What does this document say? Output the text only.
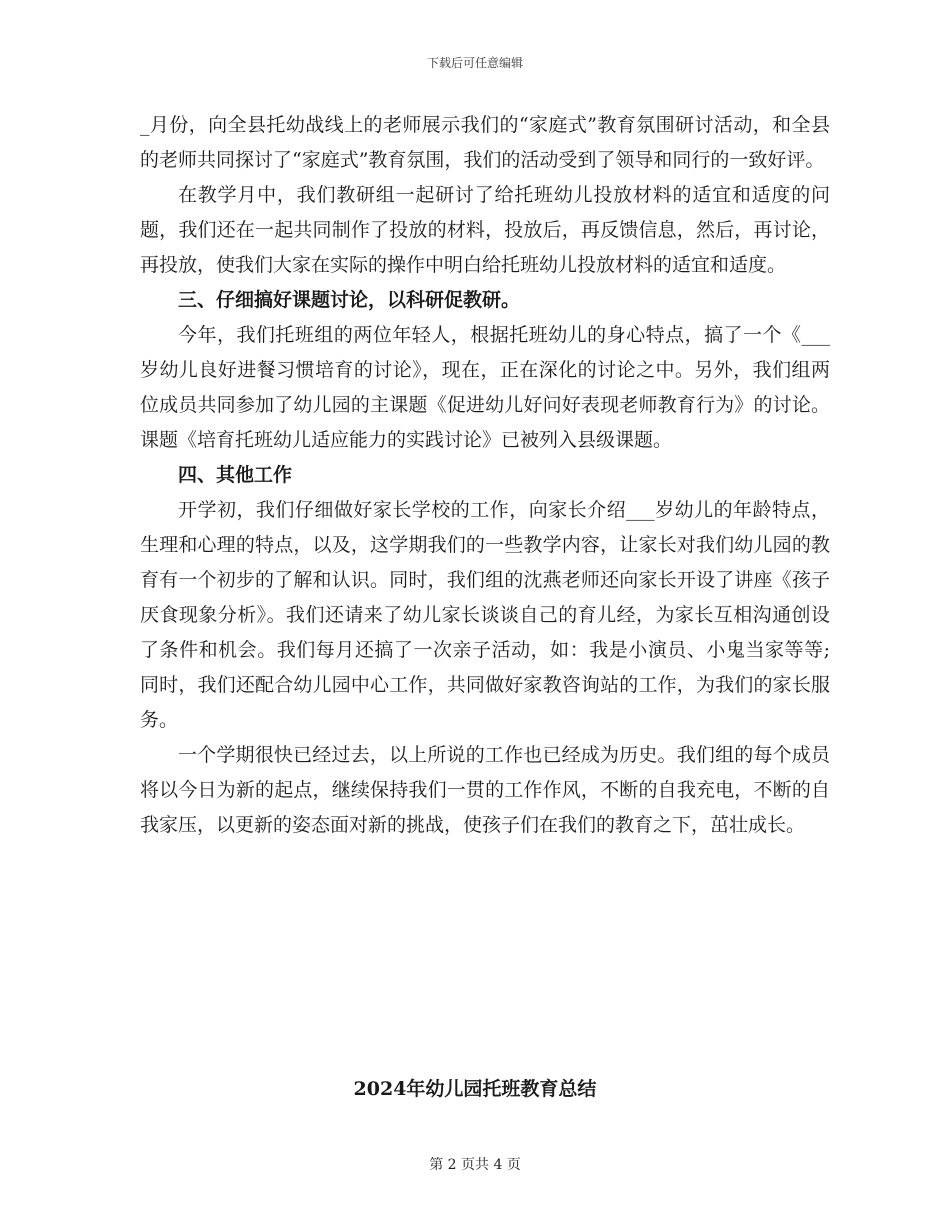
下载后可任意编辑

_月份，向全县托幼战线上的老师展示我们的“家庭式”教育氛围研讨活动，和全县的老师共同探讨了“家庭式”教育氛围，我们的活动受到了领导和同行的一致好评。

在教学月中，我们教研组一起研讨了给托班幼儿投放材料的适宜和适度的问题，我们还在一起共同制作了投放的材料，投放后，再反馈信息，然后，再讨论，再投放，使我们大家在实际的操作中明白给托班幼儿投放材料的适宜和适度。

三、仔细搞好课题讨论，以科研促教研。

今年，我们托班组的两位年轻人，根据托班幼儿的身心特点，搞了一个《___岁幼儿良好进餐习惯培育的讨论》，现在，正在深化的讨论之中。另外，我们组两位成员共同参加了幼儿园的主课题《促进幼儿好问好表现老师教育行为》的讨论。课题《培育托班幼儿适应能力的实践讨论》已被列入县级课题。

四、其他工作

开学初，我们仔细做好家长学校的工作，向家长介绍___岁幼儿的年龄特点，生理和心理的特点，以及，这学期我们的一些教学内容，让家长对我们幼儿园的教育有一个初步的了解和认识。同时，我们组的沈燕老师还向家长开设了讲座《孩子厌食现象分析》。我们还请来了幼儿家长谈谈自己的育儿经，为家长互相沟通创设了条件和机会。我们每月还搞了一次亲子活动，如：我是小演员、小鬼当家等等;同时，我们还配合幼儿园中心工作，共同做好家教咨询站的工作，为我们的家长服务。

一个学期很快已经过去，以上所说的工作也已经成为历史。我们组的每个成员将以今日为新的起点，继续保持我们一贯的工作作风，不断的自我充电，不断的自我家压，以更新的姿态面对新的挑战，使孩子们在我们的教育之下，茁壮成长。

2024年幼儿园托班教育总结
第 2 页共 4 页
